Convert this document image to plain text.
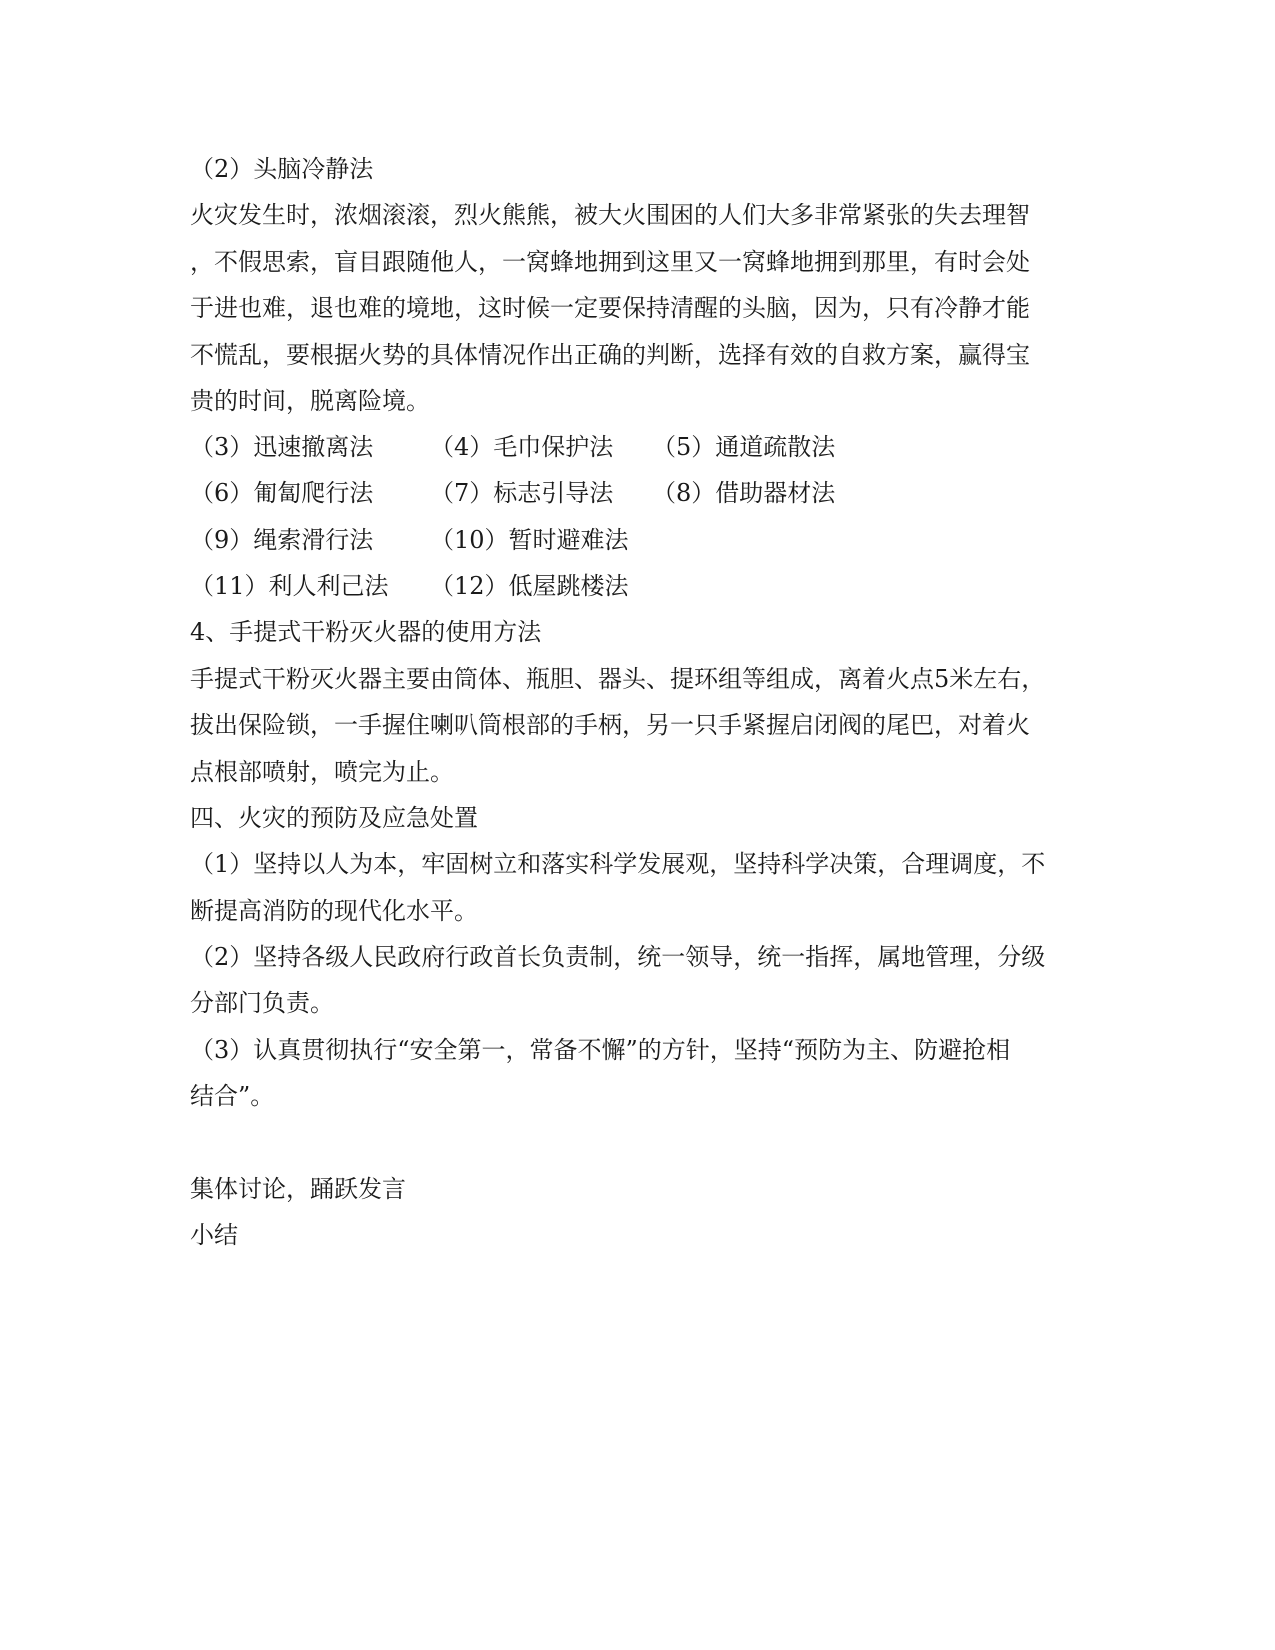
（2）头脑冷静法
火灾发生时，浓烟滚滚，烈火熊熊，被大火围困的人们大多非常紧张的失去理智
，不假思索，盲目跟随他人，一窝蜂地拥到这里又一窝蜂地拥到那里，有时会处
于进也难，退也难的境地，这时候一定要保持清醒的头脑，因为，只有冷静才能
不慌乱，要根据火势的具体情况作出正确的判断，选择有效的自救方案，赢得宝
贵的时间，脱离险境。
（3）迅速撤离法 （4）毛巾保护法 （5）通道疏散法
（6）匍匐爬行法 （7）标志引导法 （8）借助器材法
（9）绳索滑行法 （10）暂时避难法
（11）利人利己法 （12）低屋跳楼法
4、手提式干粉灭火器的使用方法
手提式干粉灭火器主要由筒体、瓶胆、器头、提环组等组成，离着火点5米左右，
拔出保险锁，一手握住喇叭筒根部的手柄，另一只手紧握启闭阀的尾巴，对着火
点根部喷射，喷完为止。
四、火灾的预防及应急处置
（1）坚持以人为本，牢固树立和落实科学发展观，坚持科学决策，合理调度，不
断提高消防的现代化水平。
（2）坚持各级人民政府行政首长负责制，统一领导，统一指挥，属地管理，分级
分部门负责。
（3）认真贯彻执行“安全第一，常备不懈”的方针，坚持“预防为主、防避抢相
结合”。
集体讨论，踊跃发言
小结
